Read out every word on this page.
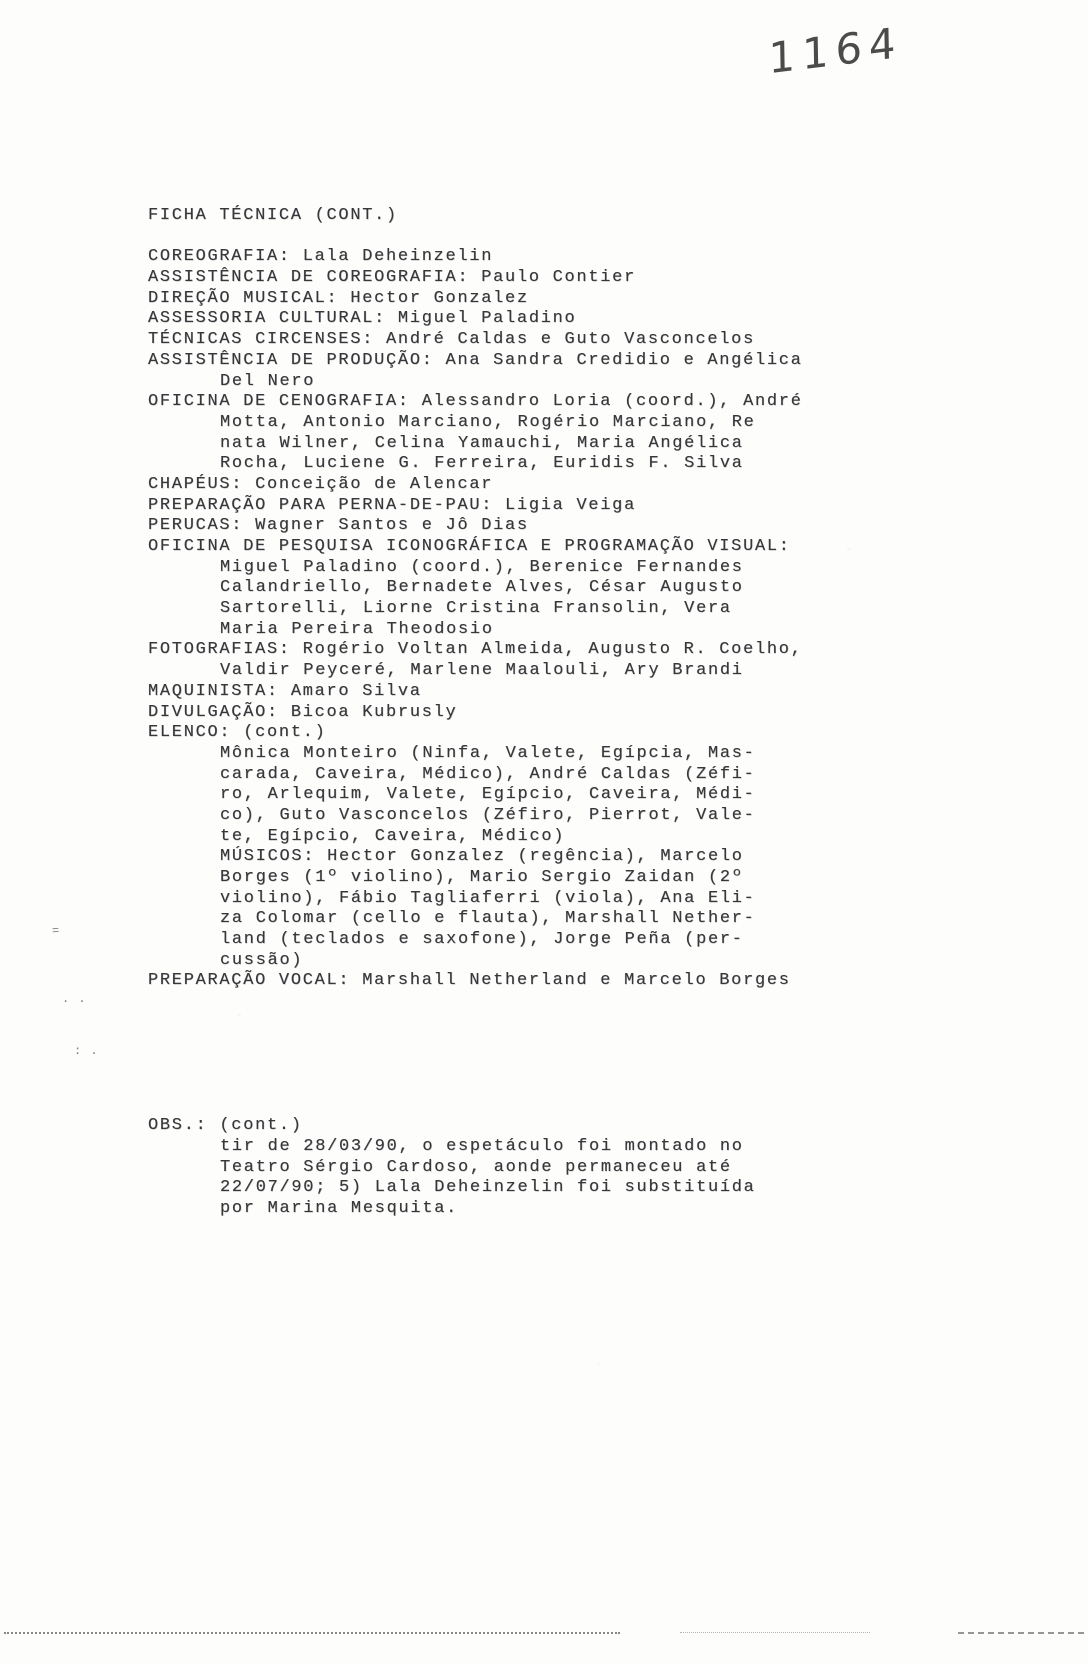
1164
FICHA TÉCNICA (CONT.)

COREOGRAFIA: Lala Deheinzelin
ASSISTÊNCIA DE COREOGRAFIA: Paulo Contier
DIREÇÃO MUSICAL: Hector Gonzalez
ASSESSORIA CULTURAL: Miguel Paladino
TÉCNICAS CIRCENSES: André Caldas e Guto Vasconcelos
ASSISTÊNCIA DE PRODUÇÃO: Ana Sandra Credidio e Angélica
Del Nero
OFICINA DE CENOGRAFIA: Alessandro Loria (coord.), André
Motta, Antonio Marciano, Rogério Marciano, Re
nata Wilner, Celina Yamauchi, Maria Angélica
Rocha, Luciene G. Ferreira, Euridis F. Silva
CHAPÉUS: Conceição de Alencar
PREPARAÇÃO PARA PERNA-DE-PAU: Ligia Veiga
PERUCAS: Wagner Santos e Jô Dias
OFICINA DE PESQUISA ICONOGRÁFICA E PROGRAMAÇÃO VISUAL:
Miguel Paladino (coord.), Berenice Fernandes
Calandriello, Bernadete Alves, César Augusto
Sartorelli, Liorne Cristina Fransolin, Vera
Maria Pereira Theodosio
FOTOGRAFIAS: Rogério Voltan Almeida, Augusto R. Coelho,
Valdir Peyceré, Marlene Maalouli, Ary Brandi
MAQUINISTA: Amaro Silva
DIVULGAÇÃO: Bicoa Kubrusly
ELENCO: (cont.)
Mônica Monteiro (Ninfa, Valete, Egípcia, Mas-
carada, Caveira, Médico), André Caldas (Zéfi-
ro, Arlequim, Valete, Egípcio, Caveira, Médi-
co), Guto Vasconcelos (Zéfiro, Pierrot, Vale-
te, Egípcio, Caveira, Médico)
MÚSICOS: Hector Gonzalez (regência), Marcelo
Borges (1º violino), Mario Sergio Zaidan (2º
violino), Fábio Tagliaferri (viola), Ana Eli-
za Colomar (cello e flauta), Marshall Nether-
land (teclados e saxofone), Jorge Peña (per-
cussão)
PREPARAÇÃO VOCAL: Marshall Netherland e Marcelo Borges

OBS.: (cont.)
tir de 28/03/90, o espetáculo foi montado no
Teatro Sérgio Cardoso, aonde permaneceu até
22/07/90; 5) Lala Deheinzelin foi substituída
por Marina Mesquita.
=
. .
: .
